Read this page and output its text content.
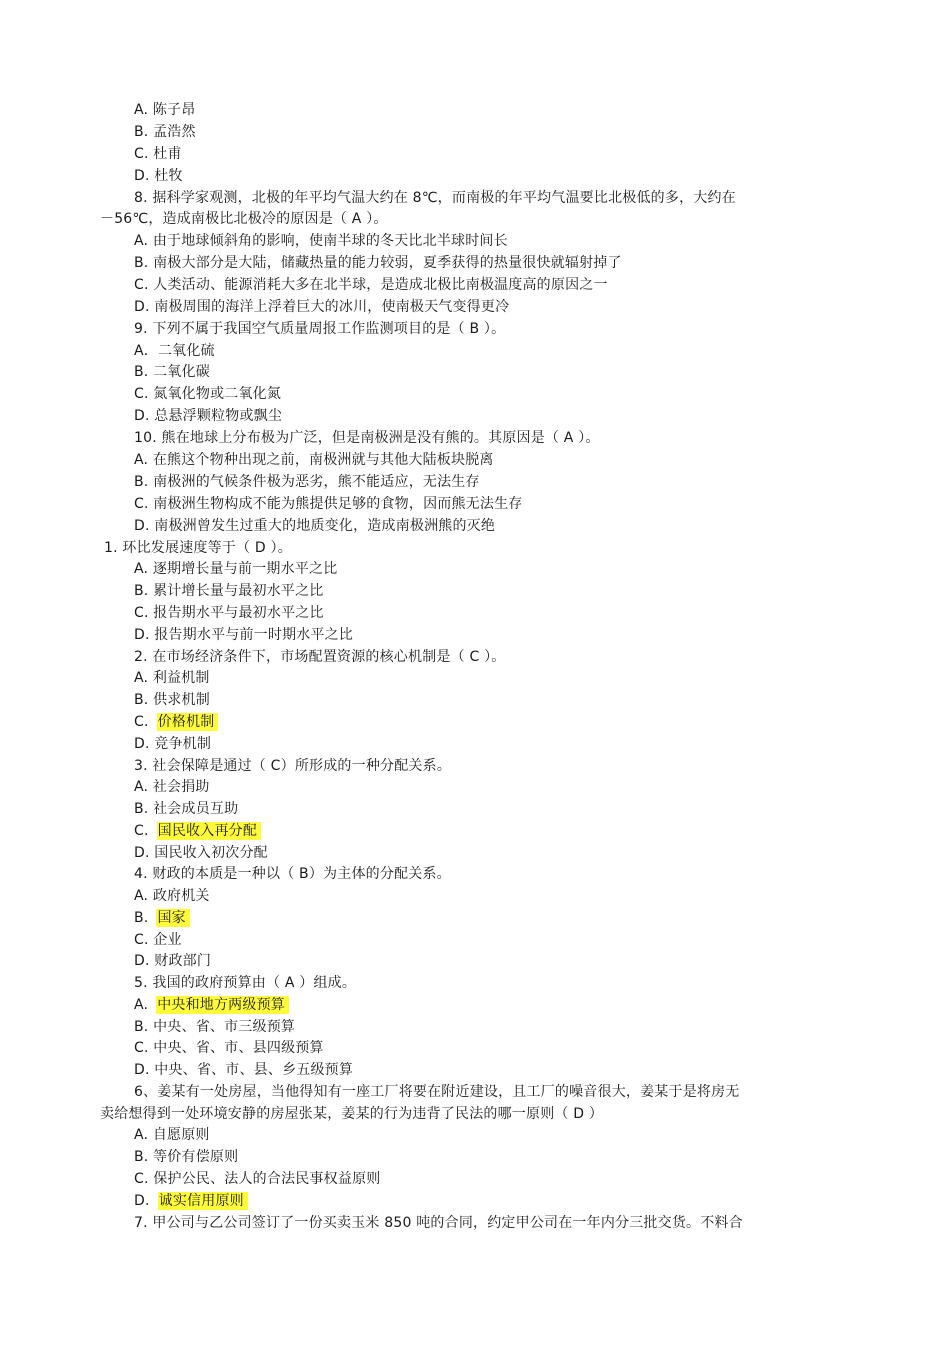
A. 陈子昂
B. 孟浩然
C. 杜甫
D. 杜牧
8. 据科学家观测，北极的年平均气温大约在 8℃，而南极的年平均气温要比北极低的多，大约在
－56℃，造成南极比北极冷的原因是（ A ）。
A. 由于地球倾斜角的影响，使南半球的冬天比北半球时间长
B. 南极大部分是大陆，储藏热量的能力较弱，夏季获得的热量很快就辐射掉了
C. 人类活动、能源消耗大多在北半球，是造成北极比南极温度高的原因之一
D. 南极周围的海洋上浮着巨大的冰川，使南极天气变得更冷
9. 下列不属于我国空气质量周报工作监测项目的是（ B ）。
A．二氧化硫
B. 二氧化碳
C. 氮氧化物或二氧化氮
D. 总悬浮颗粒物或飘尘
10. 熊在地球上分布极为广泛，但是南极洲是没有熊的。其原因是（ A ）。
A. 在熊这个物种出现之前，南极洲就与其他大陆板块脱离
B. 南极洲的气候条件极为恶劣，熊不能适应，无法生存
C. 南极洲生物构成不能为熊提供足够的食物，因而熊无法生存
D. 南极洲曾发生过重大的地质变化，造成南极洲熊的灭绝
1. 环比发展速度等于（ D ）。
A. 逐期增长量与前一期水平之比
B. 累计增长量与最初水平之比
C. 报告期水平与最初水平之比
D. 报告期水平与前一时期水平之比
2. 在市场经济条件下，市场配置资源的核心机制是（ C ）。
A. 利益机制
B. 供求机制
C. 价格机制
D. 竞争机制
3. 社会保障是通过（ C）所形成的一种分配关系。
A. 社会捐助
B. 社会成员互助
C. 国民收入再分配
D. 国民收入初次分配
4. 财政的本质是一种以（ B）为主体的分配关系。
A. 政府机关
B. 国家
C. 企业
D. 财政部门
5. 我国的政府预算由（ A ）组成。
A. 中央和地方两级预算
B. 中央、省、市三级预算
C. 中央、省、市、县四级预算
D. 中央、省、市、县、乡五级预算
6、姜某有一处房屋，当他得知有一座工厂将要在附近建设，且工厂的噪音很大，姜某于是将房无
卖给想得到一处环境安静的房屋张某，姜某的行为违背了民法的哪一原则（ D ）
A. 自愿原则
B. 等价有偿原则
C. 保护公民、法人的合法民事权益原则
D. 诚实信用原则
7. 甲公司与乙公司签订了一份买卖玉米 850 吨的合同，约定甲公司在一年内分三批交货。不料合
